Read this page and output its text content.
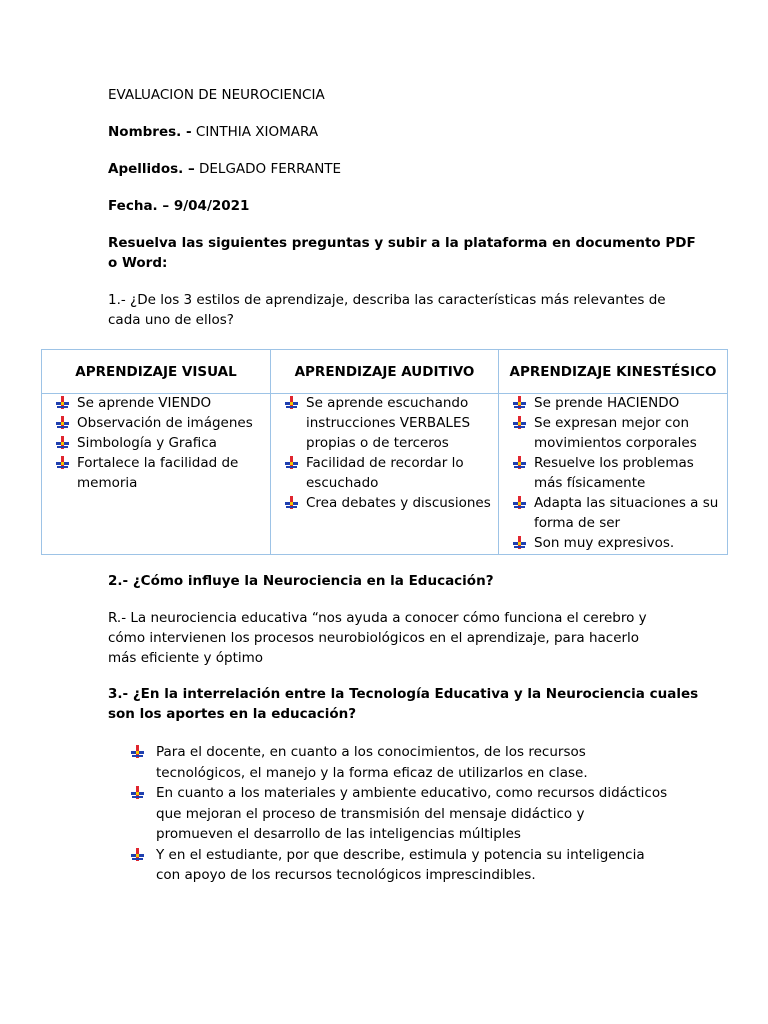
EVALUACION DE NEUROCIENCIA
Nombres. - CINTHIA XIOMARA
Apellidos. – DELGADO FERRANTE
Fecha. – 9/04/2021
Resuelva las siguientes preguntas y subir a la plataforma en documento PDF
o Word:
1.- ¿De los 3 estilos de aprendizaje, describa las características más relevantes de
cada uno de ellos?
APRENDIZAJE VISUAL
Se aprende VIENDO
Observación de imágenes
Simbología y Grafica
Fortalece la facilidad de
memoria
APRENDIZAJE AUDITIVO
Se aprende escuchando
instrucciones VERBALES
propias o de terceros
Facilidad de recordar lo
escuchado
Crea debates y discusiones
APRENDIZAJE KINESTÉSICO
Se prende HACIENDO
Se expresan mejor con
movimientos corporales
Resuelve los problemas
más físicamente
Adapta las situaciones a su
forma de ser
Son muy expresivos.
2.- ¿Cómo influye la Neurociencia en la Educación?
R.- La neurociencia educativa “nos ayuda a conocer cómo funciona el cerebro y
cómo intervienen los procesos neurobiológicos en el aprendizaje, para hacerlo
más eficiente y óptimo
3.- ¿En la interrelación entre la Tecnología Educativa y la Neurociencia cuales
son los aportes en la educación?
Para el docente, en cuanto a los conocimientos, de los recursos
tecnológicos, el manejo y la forma eficaz de utilizarlos en clase.
En cuanto a los materiales y ambiente educativo, como recursos didácticos
que mejoran el proceso de transmisión del mensaje didáctico y
promueven el desarrollo de las inteligencias múltiples
Y en el estudiante, por que describe, estimula y potencia su inteligencia
con apoyo de los recursos tecnológicos imprescindibles.
